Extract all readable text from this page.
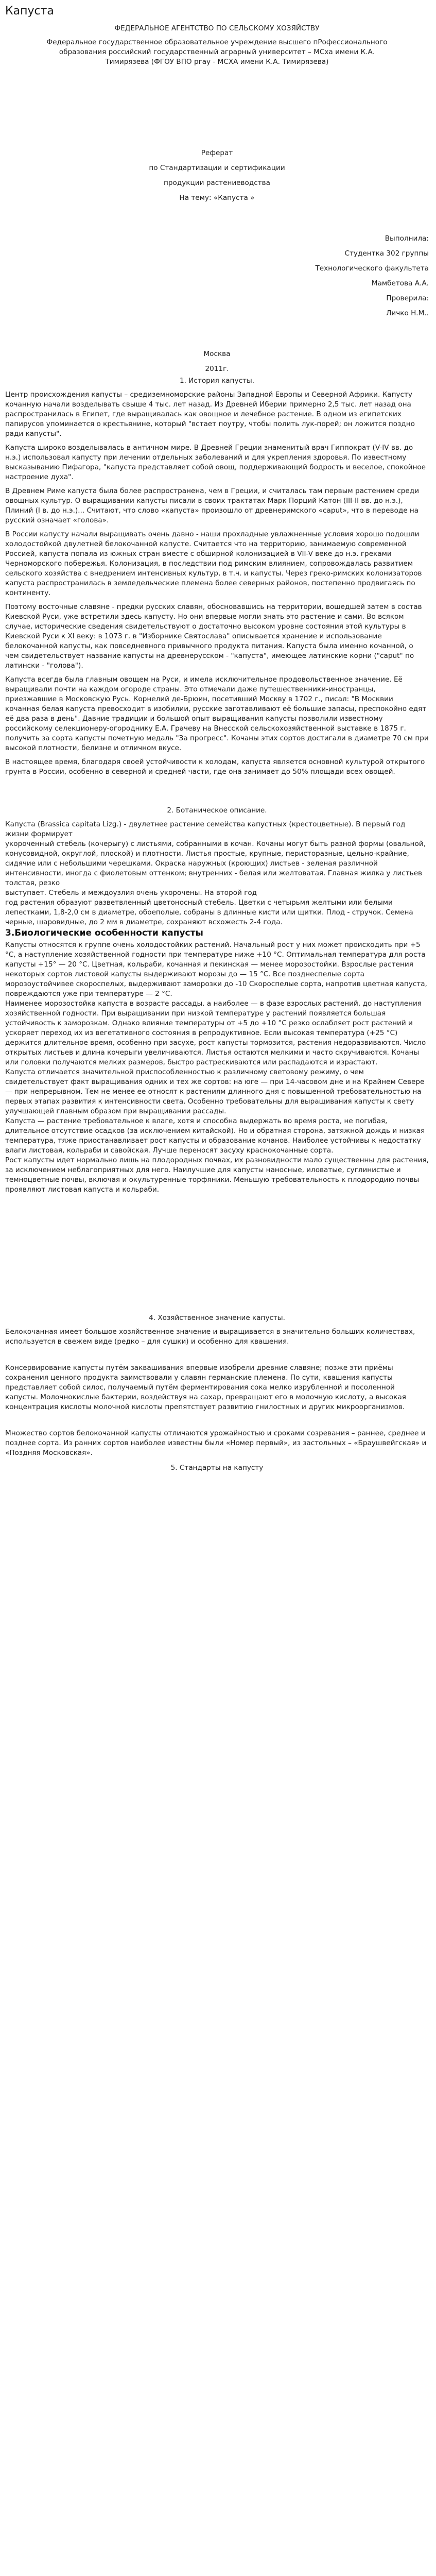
Капуста

ФЕДЕРАЛЬНОЕ АГЕНТСТВО ПО СЕЛЬСКОМУ ХОЗЯЙСТВУ

Федеральное государственное образовательное учреждение высшего пРофессионального образования российский государственный аграрный университет – МСха имени К.А. Тимирязева (ФГОУ ВПО ргау - МСХА имени К.А. Тимирязева)

Реферат

по Стандартизации и сертификации

продукции растениеводства

На тему: «Капуста »

Выполнила:

Студентка 302 группы

Технологического факультета

Мамбетова А.А.

Проверила:

Личко Н.М..

Москва

2011г.

1. История капусты.

Центр происхождения капусты – средиземноморские районы Западной Европы и Северной Африки. Капусту кочанную начали возделывать свыше 4 тыс. лет назад. Из Древней Иберии примерно 2,5 тыс. лет назад она распространилась в Египет, где выращивалась как овощное и лечебное растение. В одном из египетских папирусов упоминается о крестьянине, который "встает поутру, чтобы полить лук-порей; он ложится поздно ради капусты".

Капуста широко возделывалась в античном мире. В Древней Греции знаменитый врач Гиппократ (V-IV вв. до н.э.) использовал капусту при лечении отдельных заболеваний и для укрепления здоровья. По известному высказыванию Пифагора, "капуста представляет собой овощ, поддерживающий бодрость и веселое, спокойное настроение духа".

В Древнем Риме капуста была более распространена, чем в Греции, и считалась там первым растением среди овощных культур. О выращивании капусты писали в своих трактатах Марк Порций Катон (III-II вв. до н.э.), Плиний (I в. до н.э.)... Считают, что слово «капуста» произошло от древнеримского «caput», что в переводе на русский означает «голова».

В России капусту начали выращивать очень давно - наши прохладные увлажненные условия хорошо подошли холодостойкой двулетней белокочанной капусте. Считается что на территорию, занимаемую современной Россией, капуста попала из южных стран вместе с обширной колонизацией в VII-V веке до н.э. греками Черноморского побережья. Колонизация, в последствии под римским влиянием, сопровождалась развитием сельского хозяйства с внедрением интенсивных культур, в т.ч. и капусты. Через греко-римских колонизаторов капуста распространилась в земледельческие племена более северных районов, постепенно продвигаясь по континенту.

Поэтому восточные славяне - предки русских славян, обосновавшись на территории, вошедшей затем в состав Киевской Руси, уже встретили здесь капусту. Но они впервые могли знать это растение и сами. Во всяком случае, исторические сведения свидетельствуют о достаточно высоком уровне состояния этой культуры в Киевской Руси к XI веку: в 1073 г. в "Изборнике Святослава" описывается хранение и использование белокочанной капусты, как повседневного привычного продукта питания. Капуста была именно кочанной, о чем свидетельствует название капусты на древнерусском - "капуста", имеющее латинские корни ("caput" по латински - "голова").

Капуста всегда была главным овощем на Руси, и имела исключительное продовольственное значение. Её выращивали почти на каждом огороде страны. Это отмечали даже путешественники-иностранцы, приезжавшие в Московскую Русь. Корнелий де-Брюин, посетивший Москву в 1702 г., писал: "В Москвии кочанная белая капуста превосходит в изобилии, русские заготавливают её большие запасы, преспокойно едят её два раза в день". Давние традиции и большой опыт выращивания капусты позволили известному российскому селекционеру-огороднику Е.А. Грачеву на Внесской сельскохозяйственной выставке в 1875 г. получить за сорта капусты почетную медаль "За прогресс". Кочаны этих сортов достигали в диаметре 70 см при высокой плотности, белизне и отличном вкусе.

В настоящее время, благодаря своей устойчивости к холодам, капуста является основной культурой открытого грунта в России, особенно в северной и средней части, где она занимает до 50% площади всех овощей.

2. Ботаническое описание.

Капуста (Brassica capitata Lizg.) - двулетнее растение семейства капустных (крестоцветные). В первый год жизни формирует

укороченный стебель (кочерыгу) с листьями, собранными в кочан. Кочаны могут быть разной формы (овальной, конусовидной, округлой, плоской) и плотности. Листья простые, крупные, перисторазные, цельно-крайние, сидячие или с небольшими черешками. Окраска наружных (кроющих) листьев - зеленая различной интенсивности, иногда с фиолетовым оттенком; внутренних - белая или желтоватая. Главная жилка у листьев толстая, резко

выступает. Стебель и междоузлия очень укорочены. На второй год

год растения образуют разветвленный цветоносный стебель. Цветки с четырьмя желтыми или белыми лепестками, 1,8-2,0 см в диаметре, обоеполые, собраны в длинные кисти или щитки. Плод - стручок. Семена черные, шаровидные, до 2 мм в диаметре, сохраняют всхожесть 2-4 года.

3.Биологические особенности капусты

Капусты относятся к группе очень холодостойких растений. Начальный рост у них может происходить при +5 °С, а наступление хозяйственной годности при температуре ниже +10 °С. Оптимальная температура для роста капусты +15° — 20 °С. Цветная, кольраби, кочанная и пекинская — менее морозостойки. Взрослые растения некоторых сортов листовой капусты выдерживают морозы до — 15 °С. Все позднеспелые сорта морозоустойчивее скороспелых, выдерживают заморозки до -10 Скороспелые сорта, напротив цветная капуста, повреждаются уже при температуре — 2 °С.

Наименее морозостойка капуста в возрасте рассады. а наиболее — в фазе взрослых растений, до наступления хозяйственной годности. При выращивании при низкой температуре у растений появляется большая устойчивость к заморозкам. Однако влияние температуры от +5 до +10 °С резко ослабляет рост растений и ускоряет переход их из вегетативного состояния в репродуктивное. Если высокая температура (+25 °С) держится длительное время, особенно при засухе, рост капусты тормозится, растения недоразвиваются. Число открытых листьев и длина кочерыги увеличиваются. Листья остаются мелкими и часто скручиваются. Кочаны или головки получаются мелких размеров, быстро растрескиваются или распадаются и израстают.

Капуста отличается значительной приспособленностью к различному световому режиму, о чем свидетельствует факт выращивания одних и тех же сортов: на юге — при 14-часовом дне и на Крайнем Севере — при непрерывном. Тем не менее ее относят к растениям длинного дня с повышенной требовательностью на первых этапах развития к интенсивности света. Особенно требовательны для выращивания капусты к свету улучшающей главным образом при выращивании рассады.

Капуста — растение требовательное к влаге, хотя и способна выдержать во время роста, не погибая, длительное отсутствие осадков (за исключением китайской). Но и обратная сторона, затяжной дождь и низкая температура, тяже приостанавливает рост капусты и образование кочанов. Наиболее устойчивы к недостатку влаги листовая, кольраби и савойская. Лучше переносят засуху краснокочанные сорта.

Рост капусты идет нормально лишь на плодородных почвах, их разновидности мало существенны для растения, за исключением неблагоприятных для него. Наилучшие для капусты наносные, иловатые, суглинистые и темноцветные почвы, включая и окультуренные торфяники. Меньшую требовательность к плодородию почвы проявляют листовая капуста и кольраби.

4. Хозяйственное значение капусты.

Белокочанная имеет большое хозяйственное значение и выращивается в значительно больших количествах, используется в свежем виде (редко – для сушки) и особенно для квашения.

Консервирование капусты путём заквашивания впервые изобрели древние славяне; позже эти приёмы сохранения ценного продукта заимствовали у славян германские племена. По сути, квашения капусты представляет собой силос, получаемый путём ферментирования сока мелко изрубленной и посоленной капусты. Молочнокислые бактерии, воздействуя на сахар, превращают его в молочную кислоту, а высокая концентрация кислоты молочной кислоты препятствует развитию гнилостных и других микроорганизмов.

Множество сортов белокочанной капусты отличаются урожайностью и сроками созревания – раннее, среднее и позднее сорта. Из ранних сортов наиболее известны были «Номер первый», из застольных – «Браушвейгская» и «Поздняя Московская».

5. Стандарты на капусту
